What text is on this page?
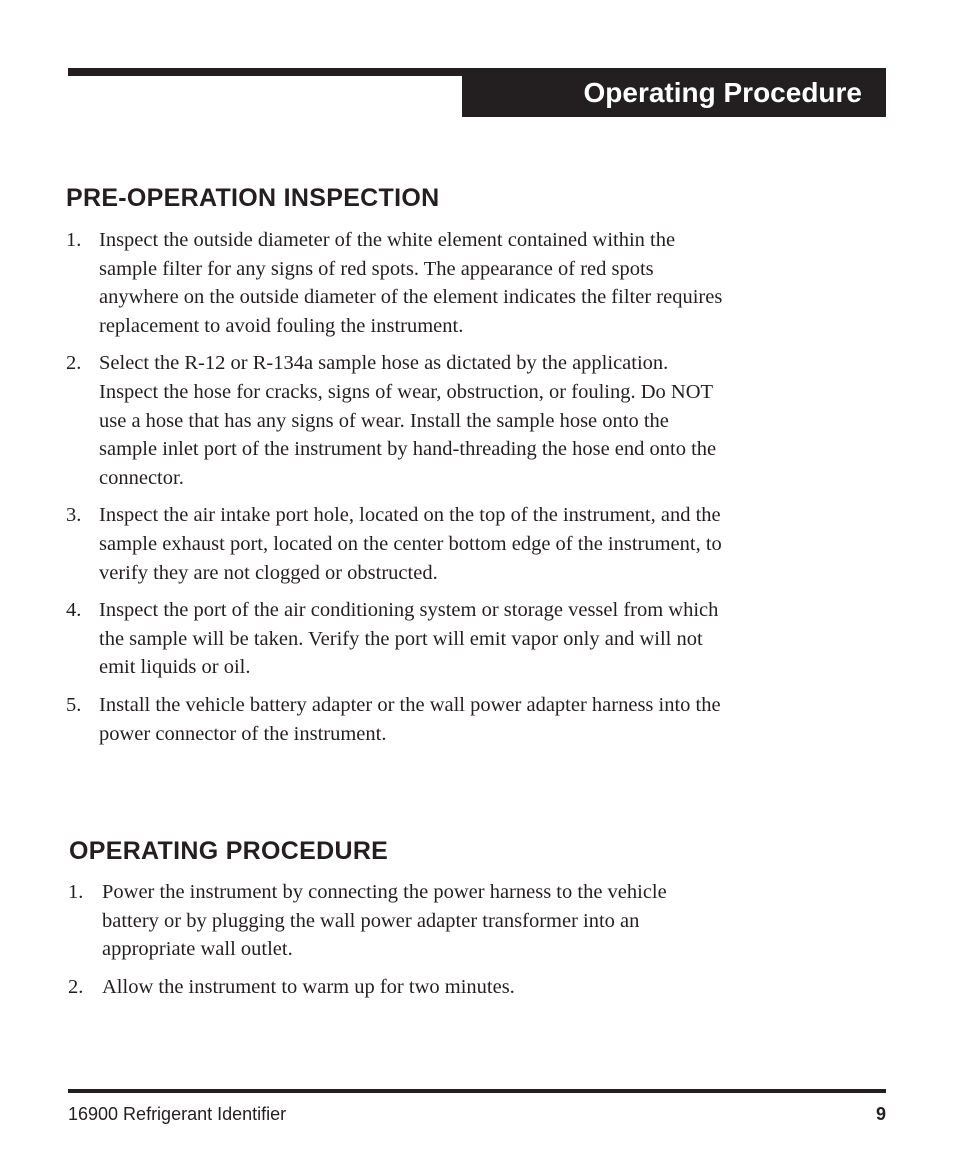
Operating Procedure
PRE-OPERATION INSPECTION
1. Inspect the outside diameter of the white element contained within the sample filter for any signs of red spots. The appearance of red spots anywhere on the outside diameter of the element indicates the filter requires replacement to avoid fouling the instrument.
2. Select the R-12 or R-134a sample hose as dictated by the application. Inspect the hose for cracks, signs of wear, obstruction, or fouling. Do NOT use a hose that has any signs of wear. Install the sample hose onto the sample inlet port of the instrument by hand-threading the hose end onto the connector.
3. Inspect the air intake port hole, located on the top of the instrument, and the sample exhaust port, located on the center bottom edge of the instrument, to verify they are not clogged or obstructed.
4. Inspect the port of the air conditioning system or storage vessel from which the sample will be taken. Verify the port will emit vapor only and will not emit liquids or oil.
5. Install the vehicle battery adapter or the wall power adapter harness into the power connector of the instrument.
OPERATING PROCEDURE
1. Power the instrument by connecting the power harness to the vehicle battery or by plugging the wall power adapter transformer into an appropriate wall outlet.
2. Allow the instrument to warm up for two minutes.
16900 Refrigerant Identifier	9
